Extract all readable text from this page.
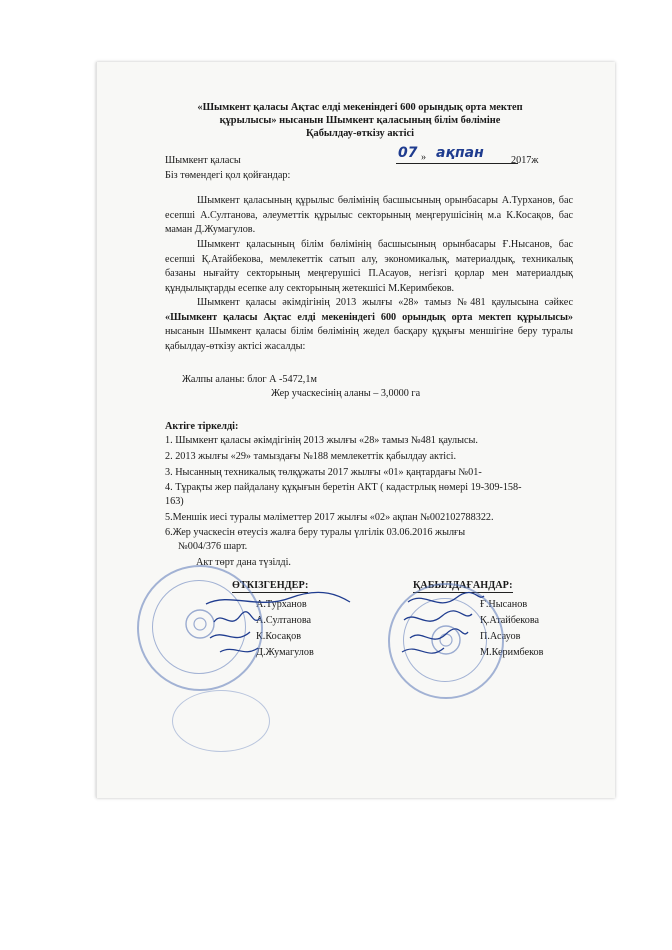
«Шымкент қаласы Ақтас елді мекеніндегі 600 орындық орта мектеп
құрылысы» нысанын Шымкент қаласының білім бөліміне
Қабылдау-өткізу актісі
Шымкент қаласы	07 » ақпан	2017ж
Біз төмендегі қол қойғандар:
Шымкент қаласының құрылыс бөлімінің басшысының орынбасары А.Турханов, бас есепші А.Султанова, әлеуметтік құрылыс секторының меңгерушісінің м.а К.Косақов, бас маман Д.Жумагулов.
Шымкент қаласының білім бөлімінің басшысының орынбасары Ғ.Нысанов, бас есепші Қ.Атайбекова, мемлекеттік сатып алу, экономикалық, материалдық, техникалық базаны нығайту секторының меңгерушісі П.Асауов, негізгі қорлар мен материалдық құндылықтарды есепке алу секторының жетекшісі М.Керимбеков.
Шымкент қаласы әкімдігінің 2013 жылғы «28» тамыз №481 қаулысына сәйкес «Шымкент қаласы Ақтас елді мекеніндегі 600 орындық орта мектеп құрылысы» нысанын Шымкент қаласы білім бөлімінің жедел басқару құқығы меншігіне беру туралы қабылдау-өткізу актісі жасалды:
Жалпы аланы: блог А -5472,1м
Жер учаскесінің аланы – 3,0000 га
Актіге тіркелді:
1. Шымкент қаласы әкімдігінің 2013 жылғы «28» тамыз №481 қаулысы.
2. 2013 жылғы «29» тамыздағы №188 мемлекеттік қабылдау актісі.
3. Нысанның техникалық төлқұжаты 2017 жылғы «01» қаңтардағы №01-
4. Тұрақты жер пайдалану құқығын беретін АКТ ( кадастрлық нөмері 19-309-158-
163)
5.Меншік иесі туралы мәліметтер 2017 жылғы «02» ақпан №002102788322.
6.Жер учаскесін өтеусіз жалға беру туралы үлгілік 03.06.2016 жылғы
№004/376 шарт.
Акт төрт дана түзілді.
ӨТКІЗГЕНДЕР:
А.Турханов
А.Султанова
К.Косақов
Д.Жумагулов
ҚАБЫЛДАҒАНДАР:
Ғ.Нысанов
Қ.Атайбекова
П.Асауов
М.Керимбеков
